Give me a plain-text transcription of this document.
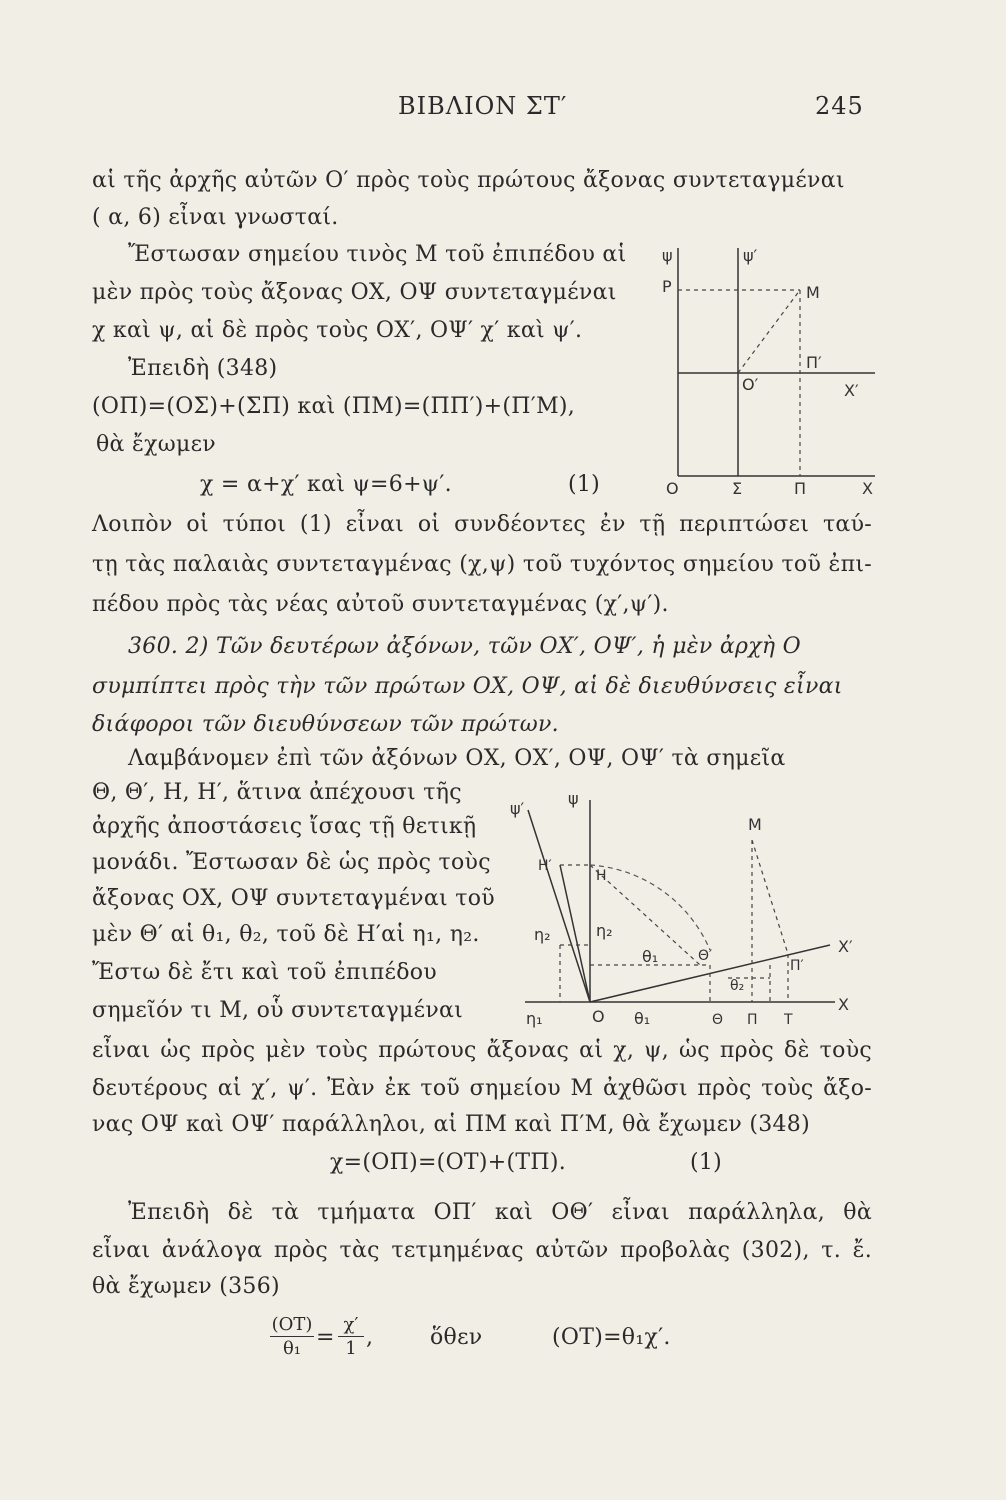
ΒΙΒΛΙΟΝ ΣΤ′	245
αἱ τῆς ἀρχῆς αὐτῶν Ο′ πρὸς τοὺς πρώτους ἄξονας συντεταγμέναι
( α, 6) εἶναι γνωσταί.
Ἔστωσαν σημείου τινὸς Μ τοῦ ἐπιπέδου αἱ
μὲν πρὸς τοὺς ἄξονας ΟΧ, ΟΨ συντεταγμέναι
χ καὶ ψ, αἱ δὲ πρὸς τοὺς ΟΧ′, ΟΨ′ χ′ καὶ ψ′.
Ἐπειδὴ (348)
(ΟΠ)=(ΟΣ)+(ΣΠ) καὶ (ΠΜ)=(ΠΠ′)+(Π′Μ),
θὰ ἔχωμεν
χ = α+χ′ καὶ ψ=6+ψ′.	(1)
ψ	ψ′
Ρ	Μ
Π′
Ο′	Χ′
Ο	Σ	Π	Χ
Λοιπὸν οἱ τύποι (1) εἶναι οἱ συνδέοντες ἐν τῇ περιπτώσει ταύ-
τῃ τὰς παλαιὰς συντεταγμένας (χ,ψ) τοῦ τυχόντος σημείου τοῦ ἐπι-
πέδου πρὸς τὰς νέας αὐτοῦ συντεταγμένας (χ′,ψ′).
360. 2) Τῶν δευτέρων ἀξόνων, τῶν ΟΧ′, ΟΨ′, ἡ μὲν ἀρχὴ Ο
συμπίπτει πρὸς τὴν τῶν πρώτων ΟΧ, ΟΨ, αἱ δὲ διευθύνσεις εἶναι
διάφοροι τῶν διευθύνσεων τῶν πρώτων.
Λαμβάνομεν ἐπὶ τῶν ἀξόνων ΟΧ, ΟΧ′, ΟΨ, ΟΨ′ τὰ σημεῖα
Θ, Θ′, Η, Η′, ἅτινα ἀπέχουσι τῆς
ἀρχῆς ἀποστάσεις ἴσας τῇ θετικῇ
μονάδι. Ἔστωσαν δὲ ὡς πρὸς τοὺς
ἄξονας ΟΧ, ΟΨ συντεταγμέναι τοῦ
μὲν Θ′ αἱ θ₁, θ₂, τοῦ δὲ Η′αἱ η₁, η₂.
Ἔστω δὲ ἔτι καὶ τοῦ ἐπιπέδου
σημεῖόν τι Μ, οὗ συντεταγμέναι
ψ′
ψ
Μ
Η′
Η
η₂	η₂
θ₁	Θ′
Π′
Χ′
θ₂
η₁	Ο θ₁	Θ Π Τ
Χ
εἶναι ὡς πρὸς μὲν τοὺς πρώτους ἄξονας αἱ χ, ψ, ὡς πρὸς δὲ τοὺς
δευτέρους αἱ χ′, ψ′. Ἐὰν ἐκ τοῦ σημείου Μ ἀχθῶσι πρὸς τοὺς ἄξο-
νας ΟΨ καὶ ΟΨ′ παράλληλοι, αἱ ΠΜ καὶ Π′Μ, θὰ ἔχωμεν (348)
χ=(ΟΠ)=(ΟΤ)+(ΤΠ).	(1)
Ἐπειδὴ δὲ τὰ τμήματα ΟΠ′ καὶ ΟΘ′ εἶναι παράλληλα, θὰ
εἶναι ἀνάλογα πρὸς τὰς τετμημένας αὐτῶν προβολὰς (302), τ. ἔ.
θὰ ἔχωμεν (356)
(ΟΤ)
θ₁ =
χ′
1 ,	ὅθεν	(ΟΤ)=θ₁χ′.
